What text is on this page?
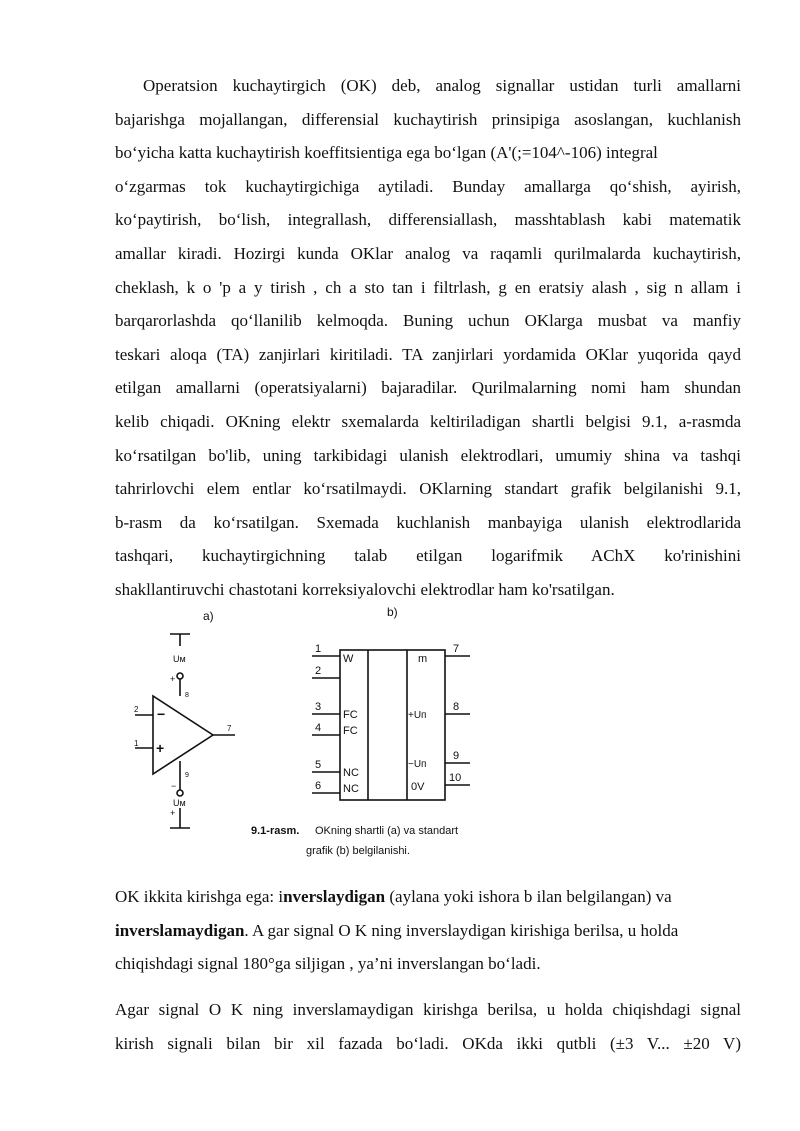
Operatsion kuchaytirgich (OK) deb, analog signallar ustidan turli amallarni
bajarishga mojallangan, differensial kuchaytirish prinsipiga asoslangan, kuchlanish
bo‘yicha katta kuchaytirish koeffitsientiga ega bo‘lgan (A'(;=104^-106) integral
o‘zgarmas tok kuchaytirgichiga aytiladi. Bunday amallarga qo‘shish, ayirish,
ko‘paytirish, bo‘lish, integrallash, differensiallash, masshtablash kabi matematik
amallar kiradi. Hozirgi kunda OKlar analog va raqamli qurilmalarda kuchaytirish,
cheklash, k o 'p a y tirish , ch a sto tan i filtrlash, g en eratsiy alash , sig n allam i
barqarorlashda qo‘llanilib kelmoqda. Buning uchun OKlarga musbat va manfiy
teskari aloqa (TA) zanjirlari kiritiladi. TA zanjirlari yordamida OKlar yuqorida qayd
etilgan amallarni (operatsiyalarni) bajaradilar. Qurilmalarning nomi ham shundan
kelib chiqadi. OKning elektr sxemalarda keltiriladigan shartli belgisi 9.1, a-rasmda
ko‘rsatilgan bo'lib, uning tarkibidagi ulanish elektrodlari, umumiy shina va tashqi
tahrirlovchi elem entlar ko‘rsatilmaydi. OKlarning standart grafik belgilanishi 9.1,
b-rasm da ko‘rsatilgan. Sxemada kuchlanish manbayiga ulanish elektrodlarida
tashqari, kuchaytirgichning talab etilgan logarifmik AChX ko'rinishini
shakllantiruvchi chastotani korreksiyalovchi elektrodlar ham ko'rsatilgan.
a)	b)
Uм
+
8
2
1
7
−
+
9
−
Uм
+
1
2
3
4
5
6
7
8
9
10
W
FC
FC
NC
NC
m
+Uп
−Uп
0V
9.1-rasm. OKning shartli (a) va standart
grafik (b) belgilanishi.
OK ikkita kirishga ega: inverslaydigan (aylana yoki ishora b ilan belgilangan) va
inverslamaydigan. A gar signal O K ning inverslaydigan kirishiga berilsa, u holda
chiqishdagi signal 180°ga siljigan , ya’ni inverslangan bo‘ladi.
Agar signal O K ning inverslamaydigan kirishga berilsa, u holda chiqishdagi signal
kirish signali bilan bir xil fazada bo‘ladi. OKda ikki qutbli (±3 V... ±20 V)
